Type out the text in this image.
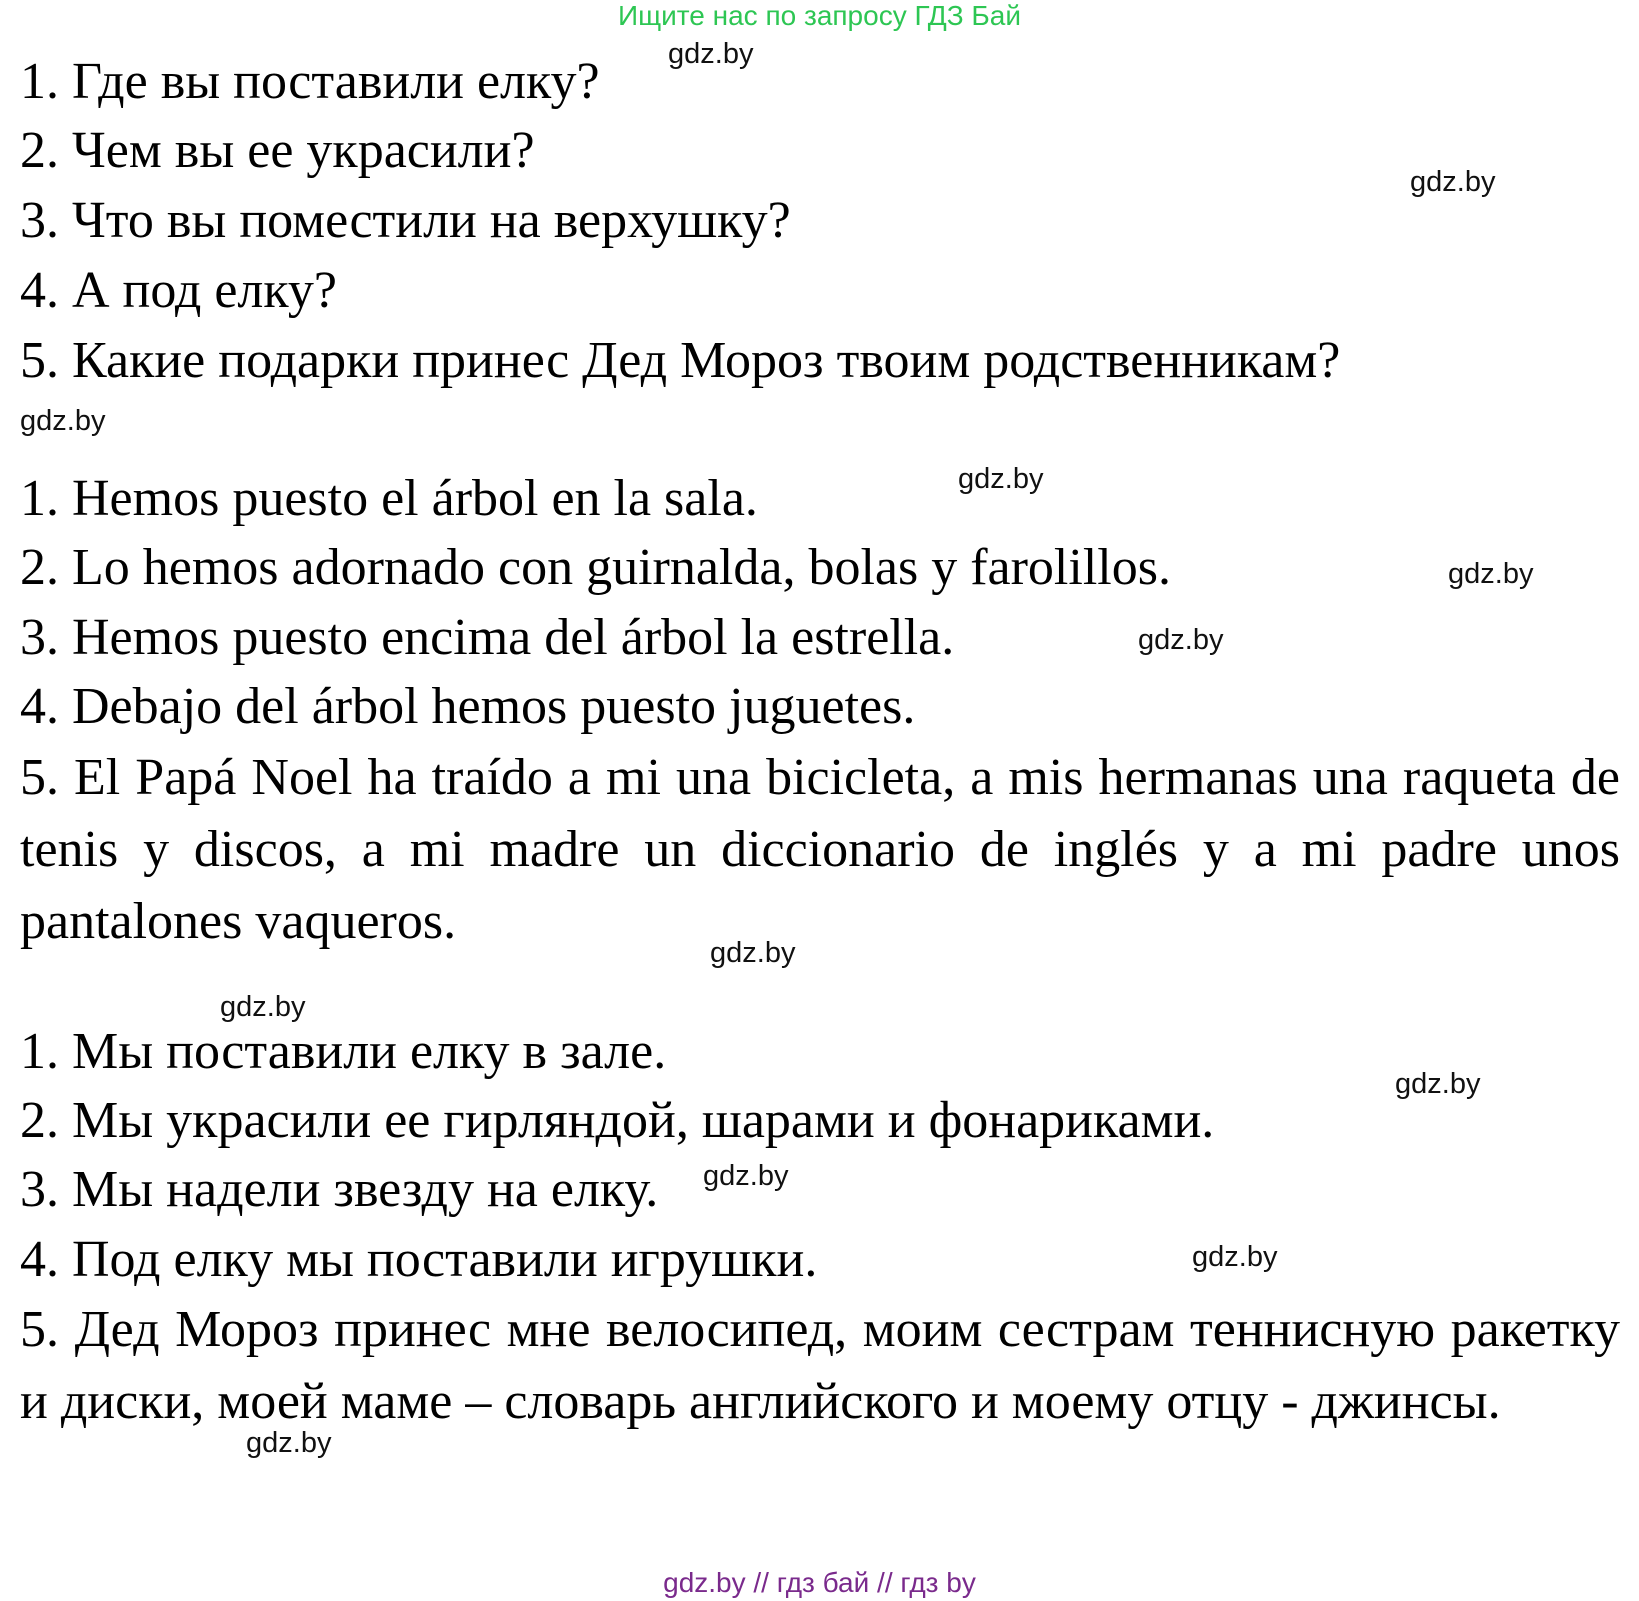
Ищите нас по запросу ГДЗ Бай

1. Где вы поставили елку?

2. Чем вы ее украсили?

3. Что вы поместили на верхушку?

4. А под елку?

5. Какие подарки принес Дед Мороз твоим родственникам?

1. Hemos puesto el árbol en la sala.

2. Lo hemos adornado con guirnalda, bolas y farolillos.

3. Hemos puesto encima del árbol la estrella.

4. Debajo del árbol hemos puesto juguetes.

5. El Papá Noel ha traído a mi una bicicleta, a mis hermanas una raqueta de tenis y discos, a mi madre un diccionario de inglés y a mi padre unos pantalones vaqueros.

1. Мы поставили елку в зале.

2. Мы украсили ее гирляндой, шарами и фонариками.

3. Мы надели звезду на елку.

4. Под елку мы поставили игрушки.

5. Дед Мороз принес мне велосипед, моим сестрам теннисную ракетку и диски, моей маме – словарь английского и моему отцу - джинсы.

gdz.by
gdz.by
gdz.by
gdz.by
gdz.by
gdz.by
gdz.by
gdz.by
gdz.by
gdz.by
gdz.by
gdz.by
gdz.by // гдз бай // гдз by
